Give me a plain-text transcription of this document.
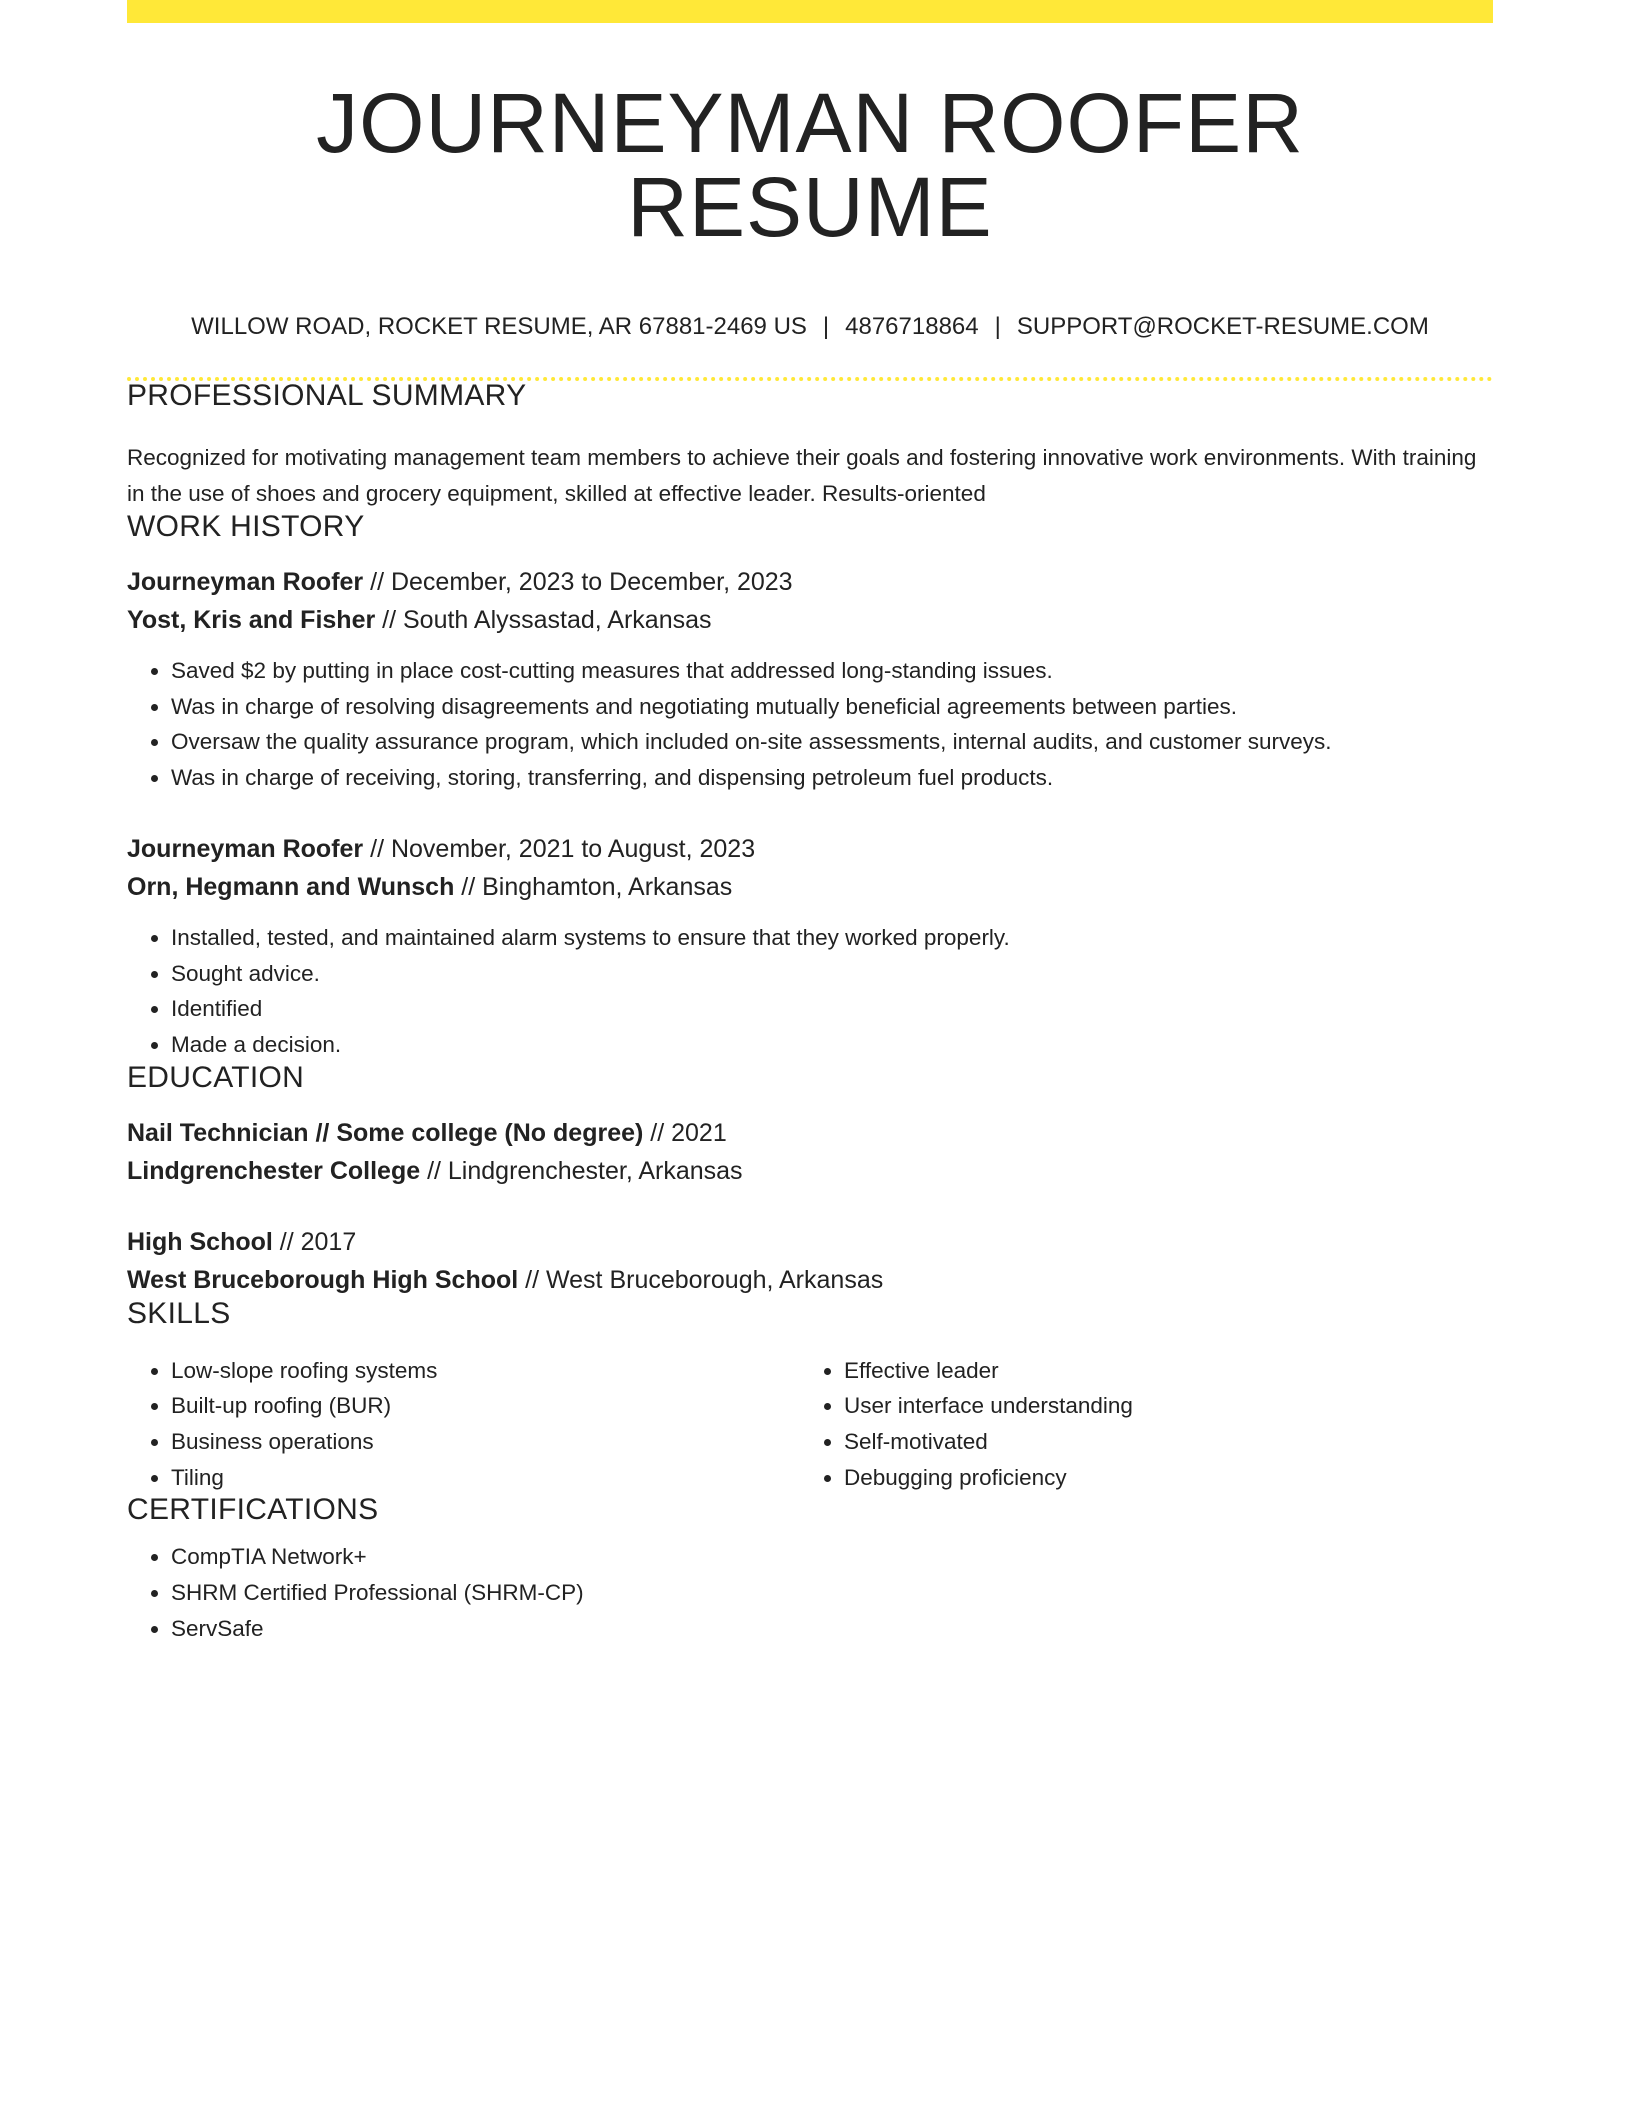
JOURNEYMAN ROOFER RESUME
WILLOW ROAD, ROCKET RESUME, AR 67881-2469 US | 4876718864 | SUPPORT@ROCKET-RESUME.COM
PROFESSIONAL SUMMARY

Recognized for motivating management team members to achieve their goals and fostering innovative work environments. With training in the use of shoes and grocery equipment, skilled at effective leader. Results-oriented

WORK HISTORY
Journeyman Roofer // December, 2023 to December, 2023
Yost, Kris and Fisher // South Alyssastad, Arkansas
• Saved $2 by putting in place cost-cutting measures that addressed long-standing issues.
• Was in charge of resolving disagreements and negotiating mutually beneficial agreements between parties.
• Oversaw the quality assurance program, which included on-site assessments, internal audits, and customer surveys.
• Was in charge of receiving, storing, transferring, and dispensing petroleum fuel products.
Journeyman Roofer // November, 2021 to August, 2023
Orn, Hegmann and Wunsch // Binghamton, Arkansas
• Installed, tested, and maintained alarm systems to ensure that they worked properly.
• Sought advice.
• Identified
• Made a decision.
EDUCATION
Nail Technician // Some college (No degree) // 2021
Lindgrenchester College // Lindgrenchester, Arkansas
High School // 2017
West Bruceborough High School // West Bruceborough, Arkansas
SKILLS
• Low-slope roofing systems
• Built-up roofing (BUR)
• Business operations
• Tiling
• Effective leader
• User interface understanding
• Self-motivated
• Debugging proficiency
CERTIFICATIONS
• CompTIA Network+
• SHRM Certified Professional (SHRM-CP)
• ServSafe
